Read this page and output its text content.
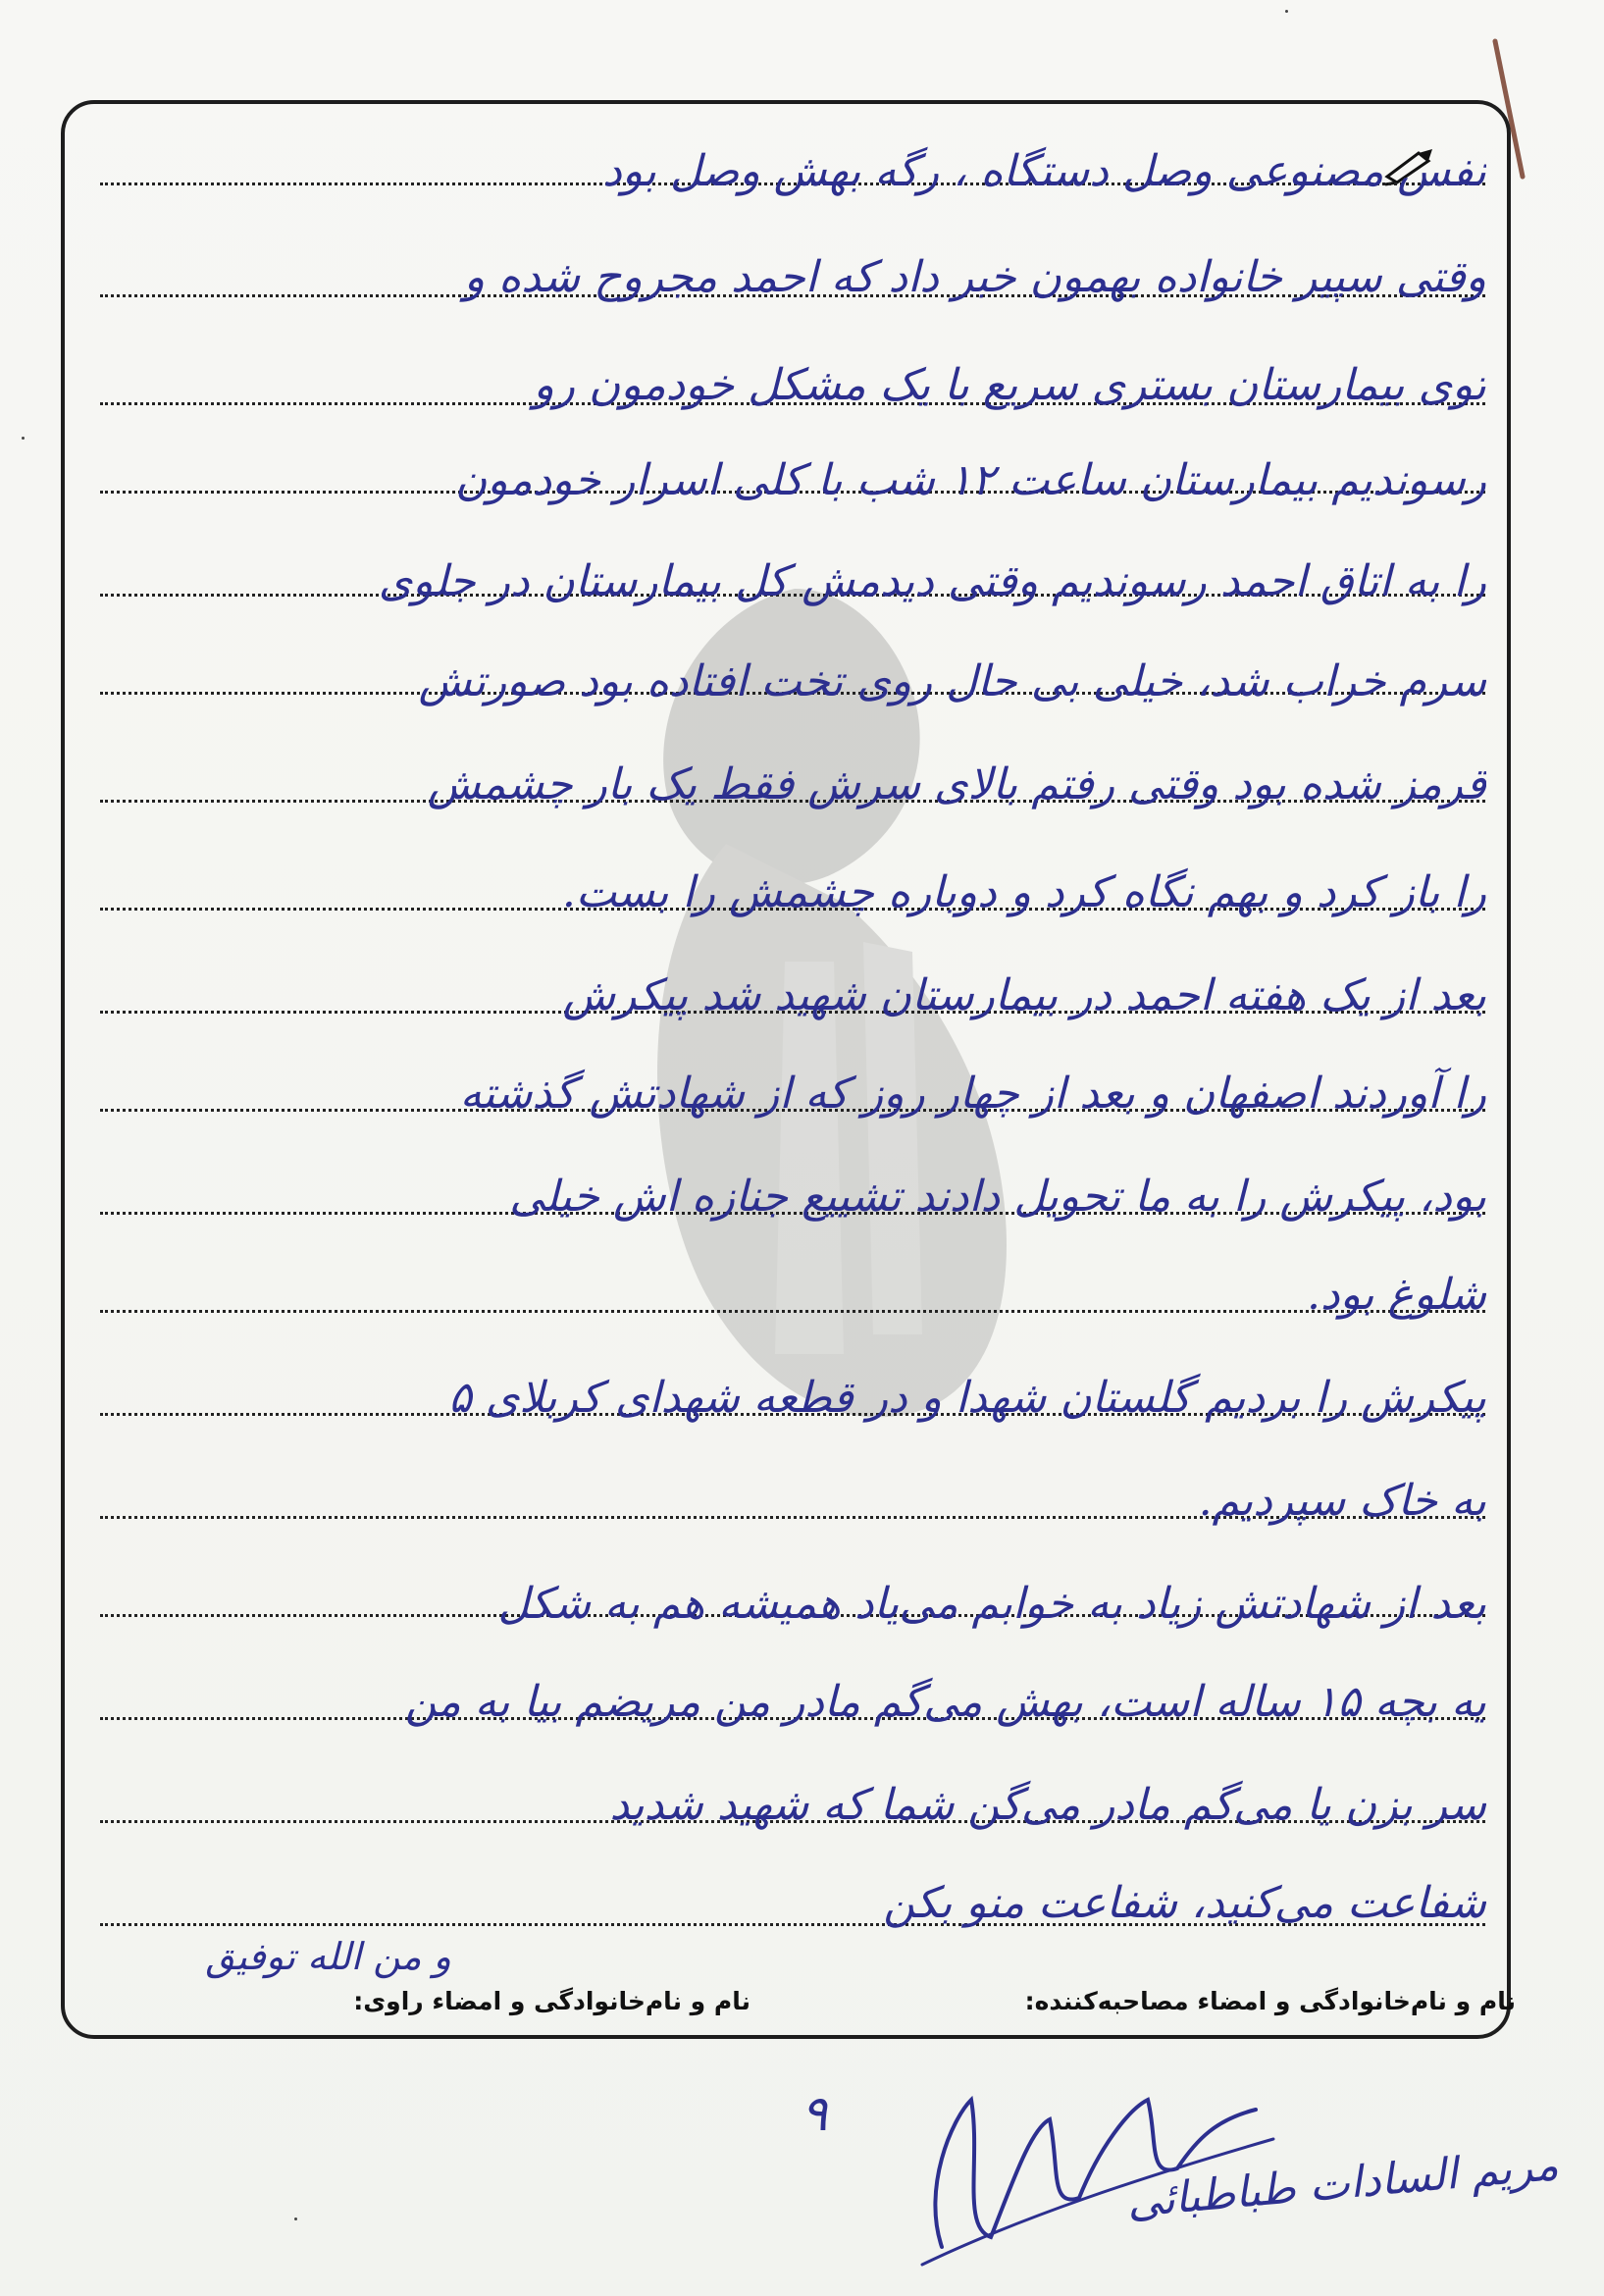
نفس مصنوعی وصل دستگاه ، رگه بهش وصل بود
وقتی سپیر خانواده بهمون خبر داد که احمد مجروح شده و
توی بیمارستان بستری سریع با یک مشکل خودمون رو
رسوندیم بیمارستان ساعت ۱۲ شب با کلی اسرار خودمون
را به اتاق احمد رسوندیم وقتی دیدمش کل بیمارستان در جلوی
سرم خراب شد، خیلی بی حال روی تخت افتاده بود صورتش
قرمز شده بود وقتی رفتم بالای سرش فقط یک بار چشمش
را باز کرد و بهم نگاه کرد و دوباره چشمش را بست.
بعد از یک هفته احمد در بیمارستان شهید شد پیکرش
را آوردند اصفهان و بعد از چهار روز که از شهادتش گذشته
بود، پیکرش را به ما تحویل دادند تشییع جنازه اش خیلی
شلوغ بود.
پیکرش را بردیم گلستان شهدا و در قطعه شهدای کربلای ۵
به خاک سپردیم.
بعد از شهادتش زیاد به خوابم می‌یاد همیشه هم به شکل
یه بچه ۱۵ ساله است، بهش می‌گم مادر من مریضم بیا به من
سر بزن یا می‌گم مادر می‌گن شما که شهید شدید
شفاعت می‌کنید، شفاعت منو بکن
و من الله توفیق
نام و نام‌خانوادگی و امضاء مصاحبه‌کننده:
نام و نام‌خانوادگی و امضاء راوی:
۹
مریم السادات طباطبائی
